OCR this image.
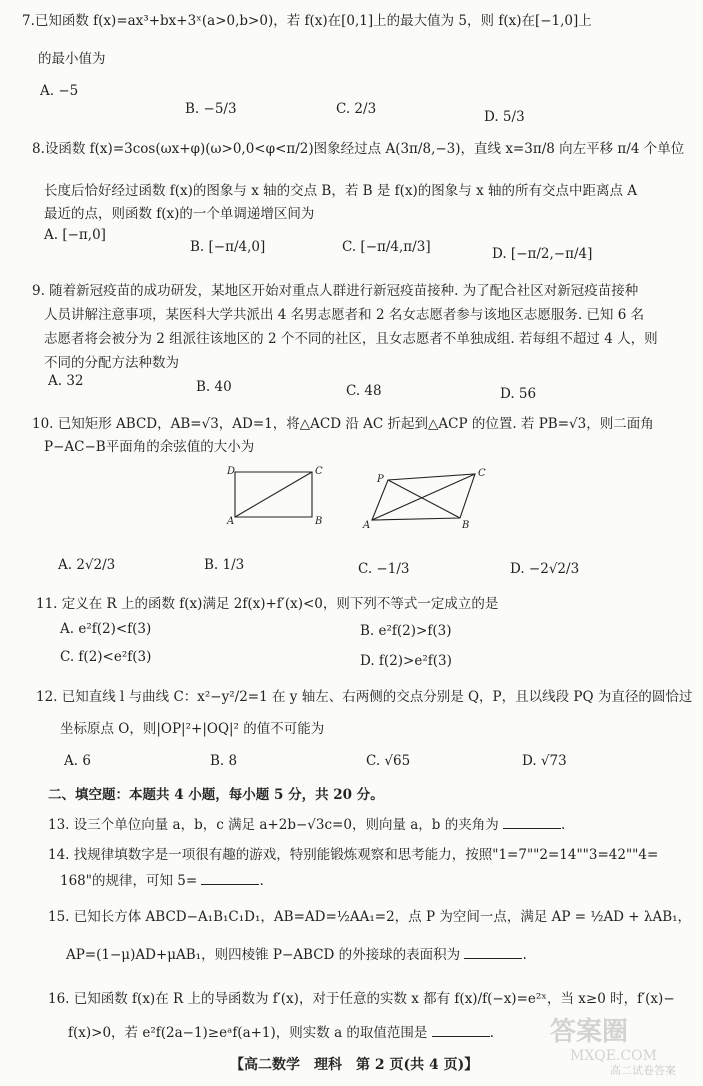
7.已知函数 f(x)=ax³+bx+3ˣ(a>0,b>0)，若 f(x)在[0,1]上的最大值为 5，则 f(x)在[−1,0]上
的最小值为
A. −5
B. −5/3	C. 2/3	D. 5/3
8.设函数 f(x)=3cos(ωx+φ)(ω>0,0<φ<π/2)图象经过点 A(3π/8,−3)，直线 x=3π/8 向左平移 π/4 个单位
长度后恰好经过函数 f(x)的图象与 x 轴的交点 B，若 B 是 f(x)的图象与 x 轴的所有交点中距离点 A
最近的点，则函数 f(x)的一个单调递增区间为
A. [−π,0]
B. [−π/4,0]	C. [−π/4,π/3]	D. [−π/2,−π/4]
9. 随着新冠疫苗的成功研发，某地区开始对重点人群进行新冠疫苗接种. 为了配合社区对新冠疫苗接种
人员讲解注意事项，某医科大学共派出 4 名男志愿者和 2 名女志愿者参与该地区志愿服务. 已知 6 名
志愿者将会被分为 2 组派往该地区的 2 个不同的社区，且女志愿者不单独成组. 若每组不超过 4 人，则
不同的分配方法种数为
A. 32	B. 40	C. 48	D. 56
10. 已知矩形 ABCD，AB=√3，AD=1，将△ACD 沿 AC 折起到△ACP 的位置. 若 PB=√3，则二面角
P−AC−B平面角的余弦值的大小为
D	C
A	B
P
C
A	B
A. 2√2/3	B. 1/3	C. −1/3	D. −2√2/3
11. 定义在 R 上的函数 f(x)满足 2f(x)+f′(x)<0，则下列不等式一定成立的是
A. e²f(2)<f(3)	B. e²f(2)>f(3)
C. f(2)<e²f(3)	D. f(2)>e²f(3)
12. 已知直线 l 与曲线 C：x²−y²/2=1 在 y 轴左、右两侧的交点分别是 Q，P，且以线段 PQ 为直径的圆恰过
坐标原点 O，则|OP|²+|OQ|² 的值不可能为
A. 6	B. 8	C. √65	D. √73
二、填空题：本题共 4 小题，每小题 5 分，共 20 分。
13. 设三个单位向量 a，b，c 满足 a+2b−√3c=0，则向量 a，b 的夹角为	.
14. 找规律填数字是一项很有趣的游戏，特别能锻炼观察和思考能力，按照"1=7""2=14""3=42""4=
168"的规律，可知 5=	.
15. 已知长方体 ABCD−A₁B₁C₁D₁，AB=AD=½AA₁=2，点 P 为空间一点，满足 AP = ½AD + λAB₁，
AP=(1−μ)AD+μAB₁，则四棱锥 P−ABCD 的外接球的表面积为	.
16. 已知函数 f(x)在 R 上的导函数为 f′(x)，对于任意的实数 x 都有 f(x)/f(−x)=e²ˣ，当 x≥0 时，f′(x)−
f(x)>0，若 e²f(2a−1)≥eᵃf(a+1)，则实数 a 的取值范围是	.
【高二数学　理科　第 2 页(共 4 页)】
答案圈
MXQE.COM
高二试卷答案
